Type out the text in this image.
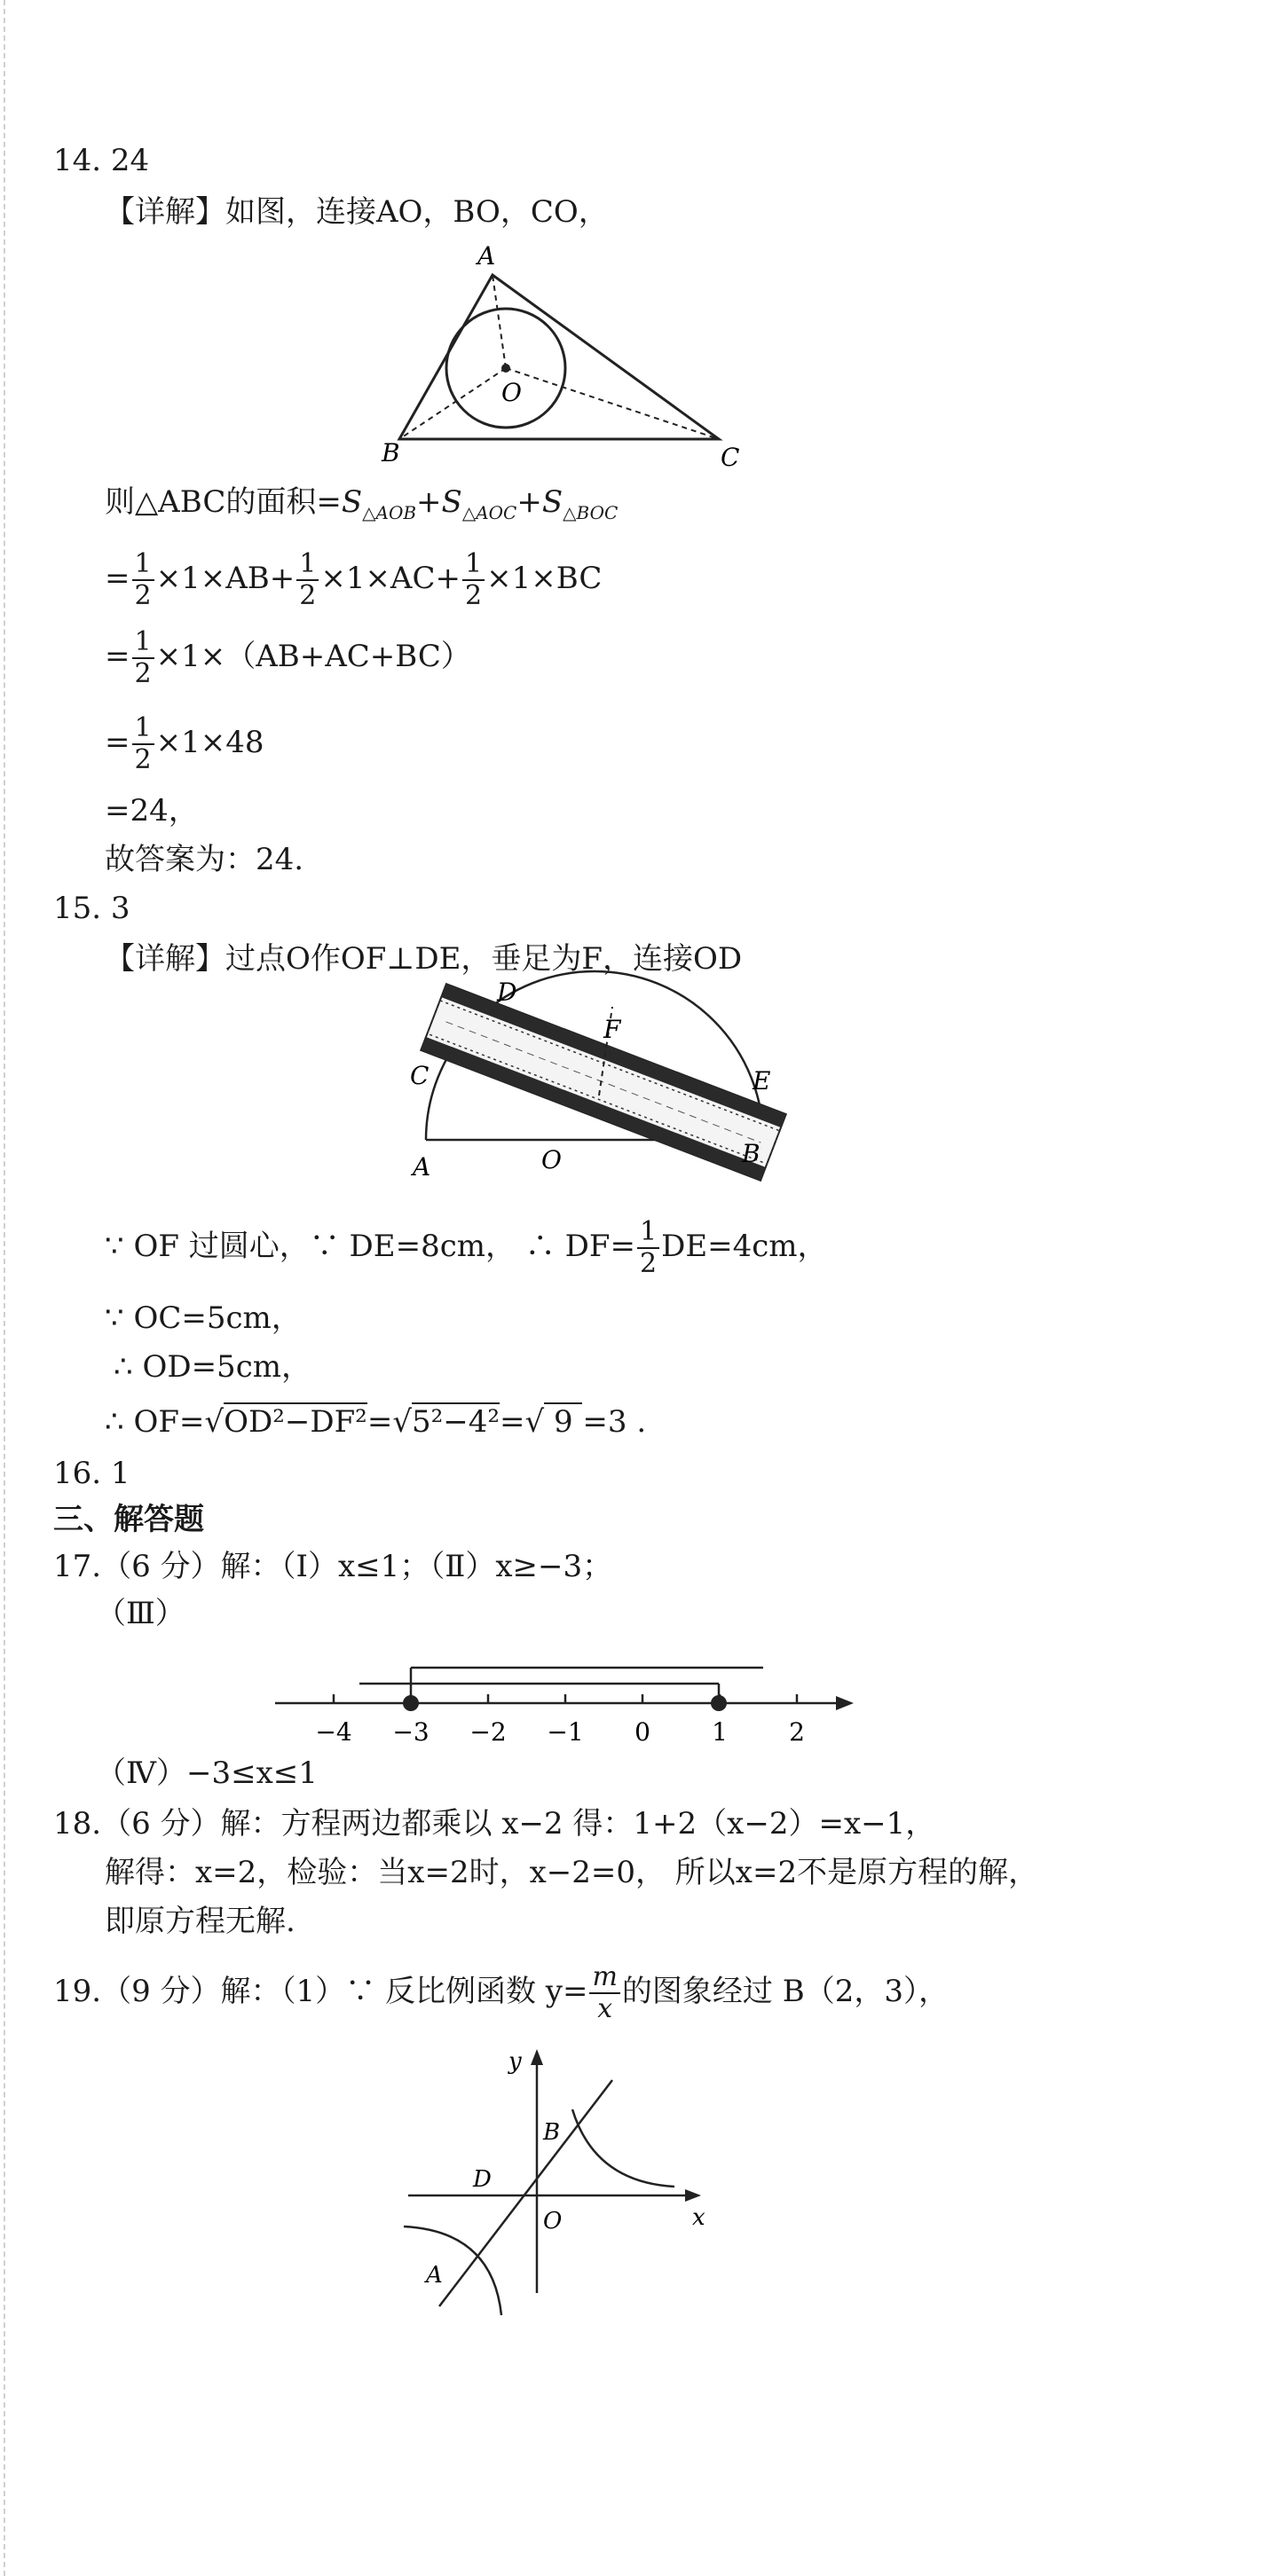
14. 24
【详解】如图，连接AO，BO，CO，
A
B	C
O
则△ABC的面积$=S_{\triangle AOB}+S_{\triangle AOC}+S_{\triangle BOC}$
= $\frac{1}{2} \times 1\times AB+ \frac{1}{2} \times 1\times AC+ \frac{1}{2} \times 1\times BC$
= $\frac{1}{2} \times 1\times(AB+AC+BC)$
= $\frac{1}{2} \times 1\times 48$
=24，
故答案为：24.
15. 3
【详解】过点O作OF⊥DE，垂足为F，连接OD
D
F
E
C
B
A	O
∵ OF 过圆心，∵ DE=8cm， ∴ $DF= \frac{1}{2} DE=4cm$，
∵ OC=5cm，
∴ OD=5cm，
∴ OF=√OD²−DF²=√5²−4²=√ 9 =3 .
16. 1
三、解答题
17.（6 分）解：（Ⅰ）x≤1；（Ⅱ）x≥−3；
（Ⅲ）
−4 −3 −2 −1 0 1 2
（Ⅳ）−3≤x≤1
18.（6 分）解：方程两边都乘以 x−2 得：1+2（x−2）=x−1，
解得：x=2，检验：当x=2时，x−2=0， 所以x=2不是原方程的解，
即原方程无解.
19.（9 分）解：（1）∵ 反比例函数 $y= \frac{m}{x}$ 的图象经过 B（2，3），
y
x
B
D
O
A
